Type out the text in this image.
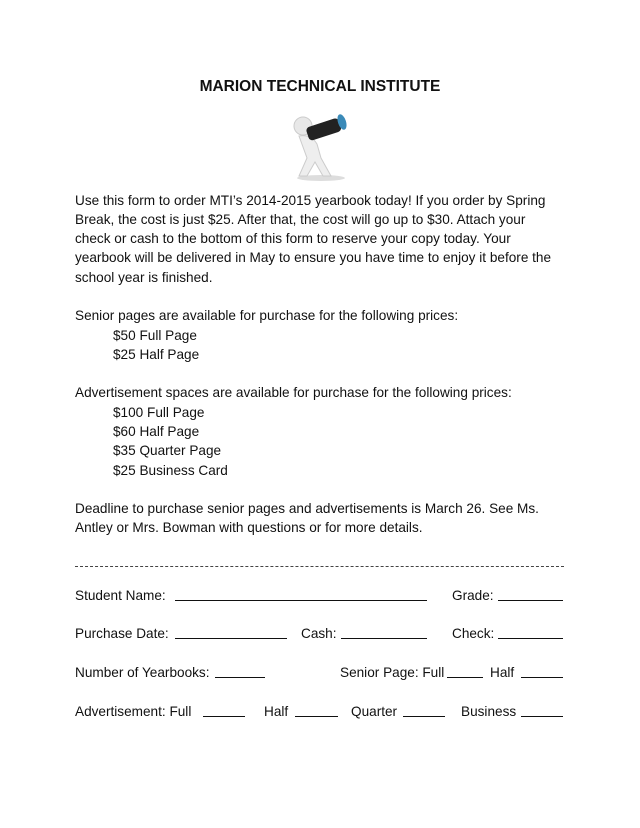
MARION TECHNICAL INSTITUTE
Use this form to order MTI’s 2014-2015 yearbook today! If you order by Spring
Break, the cost is just $25. After that, the cost will go up to $30. Attach your
check or cash to the bottom of this form to reserve your copy today. Your
yearbook will be delivered in May to ensure you have time to enjoy it before the
school year is finished.
Senior pages are available for purchase for the following prices:
$50 Full Page
$25 Half Page
Advertisement spaces are available for purchase for the following prices:
$100 Full Page
$60 Half Page
$35 Quarter Page
$25 Business Card
Deadline to purchase senior pages and advertisements is March 26. See Ms.
Antley or Mrs. Bowman with questions or for more details.
Student Name:	Grade:
Purchase Date:	Cash:	Check:
Number of Yearbooks:	Senior Page: Full	Half
Advertisement: Full	Half	Quarter	Business
